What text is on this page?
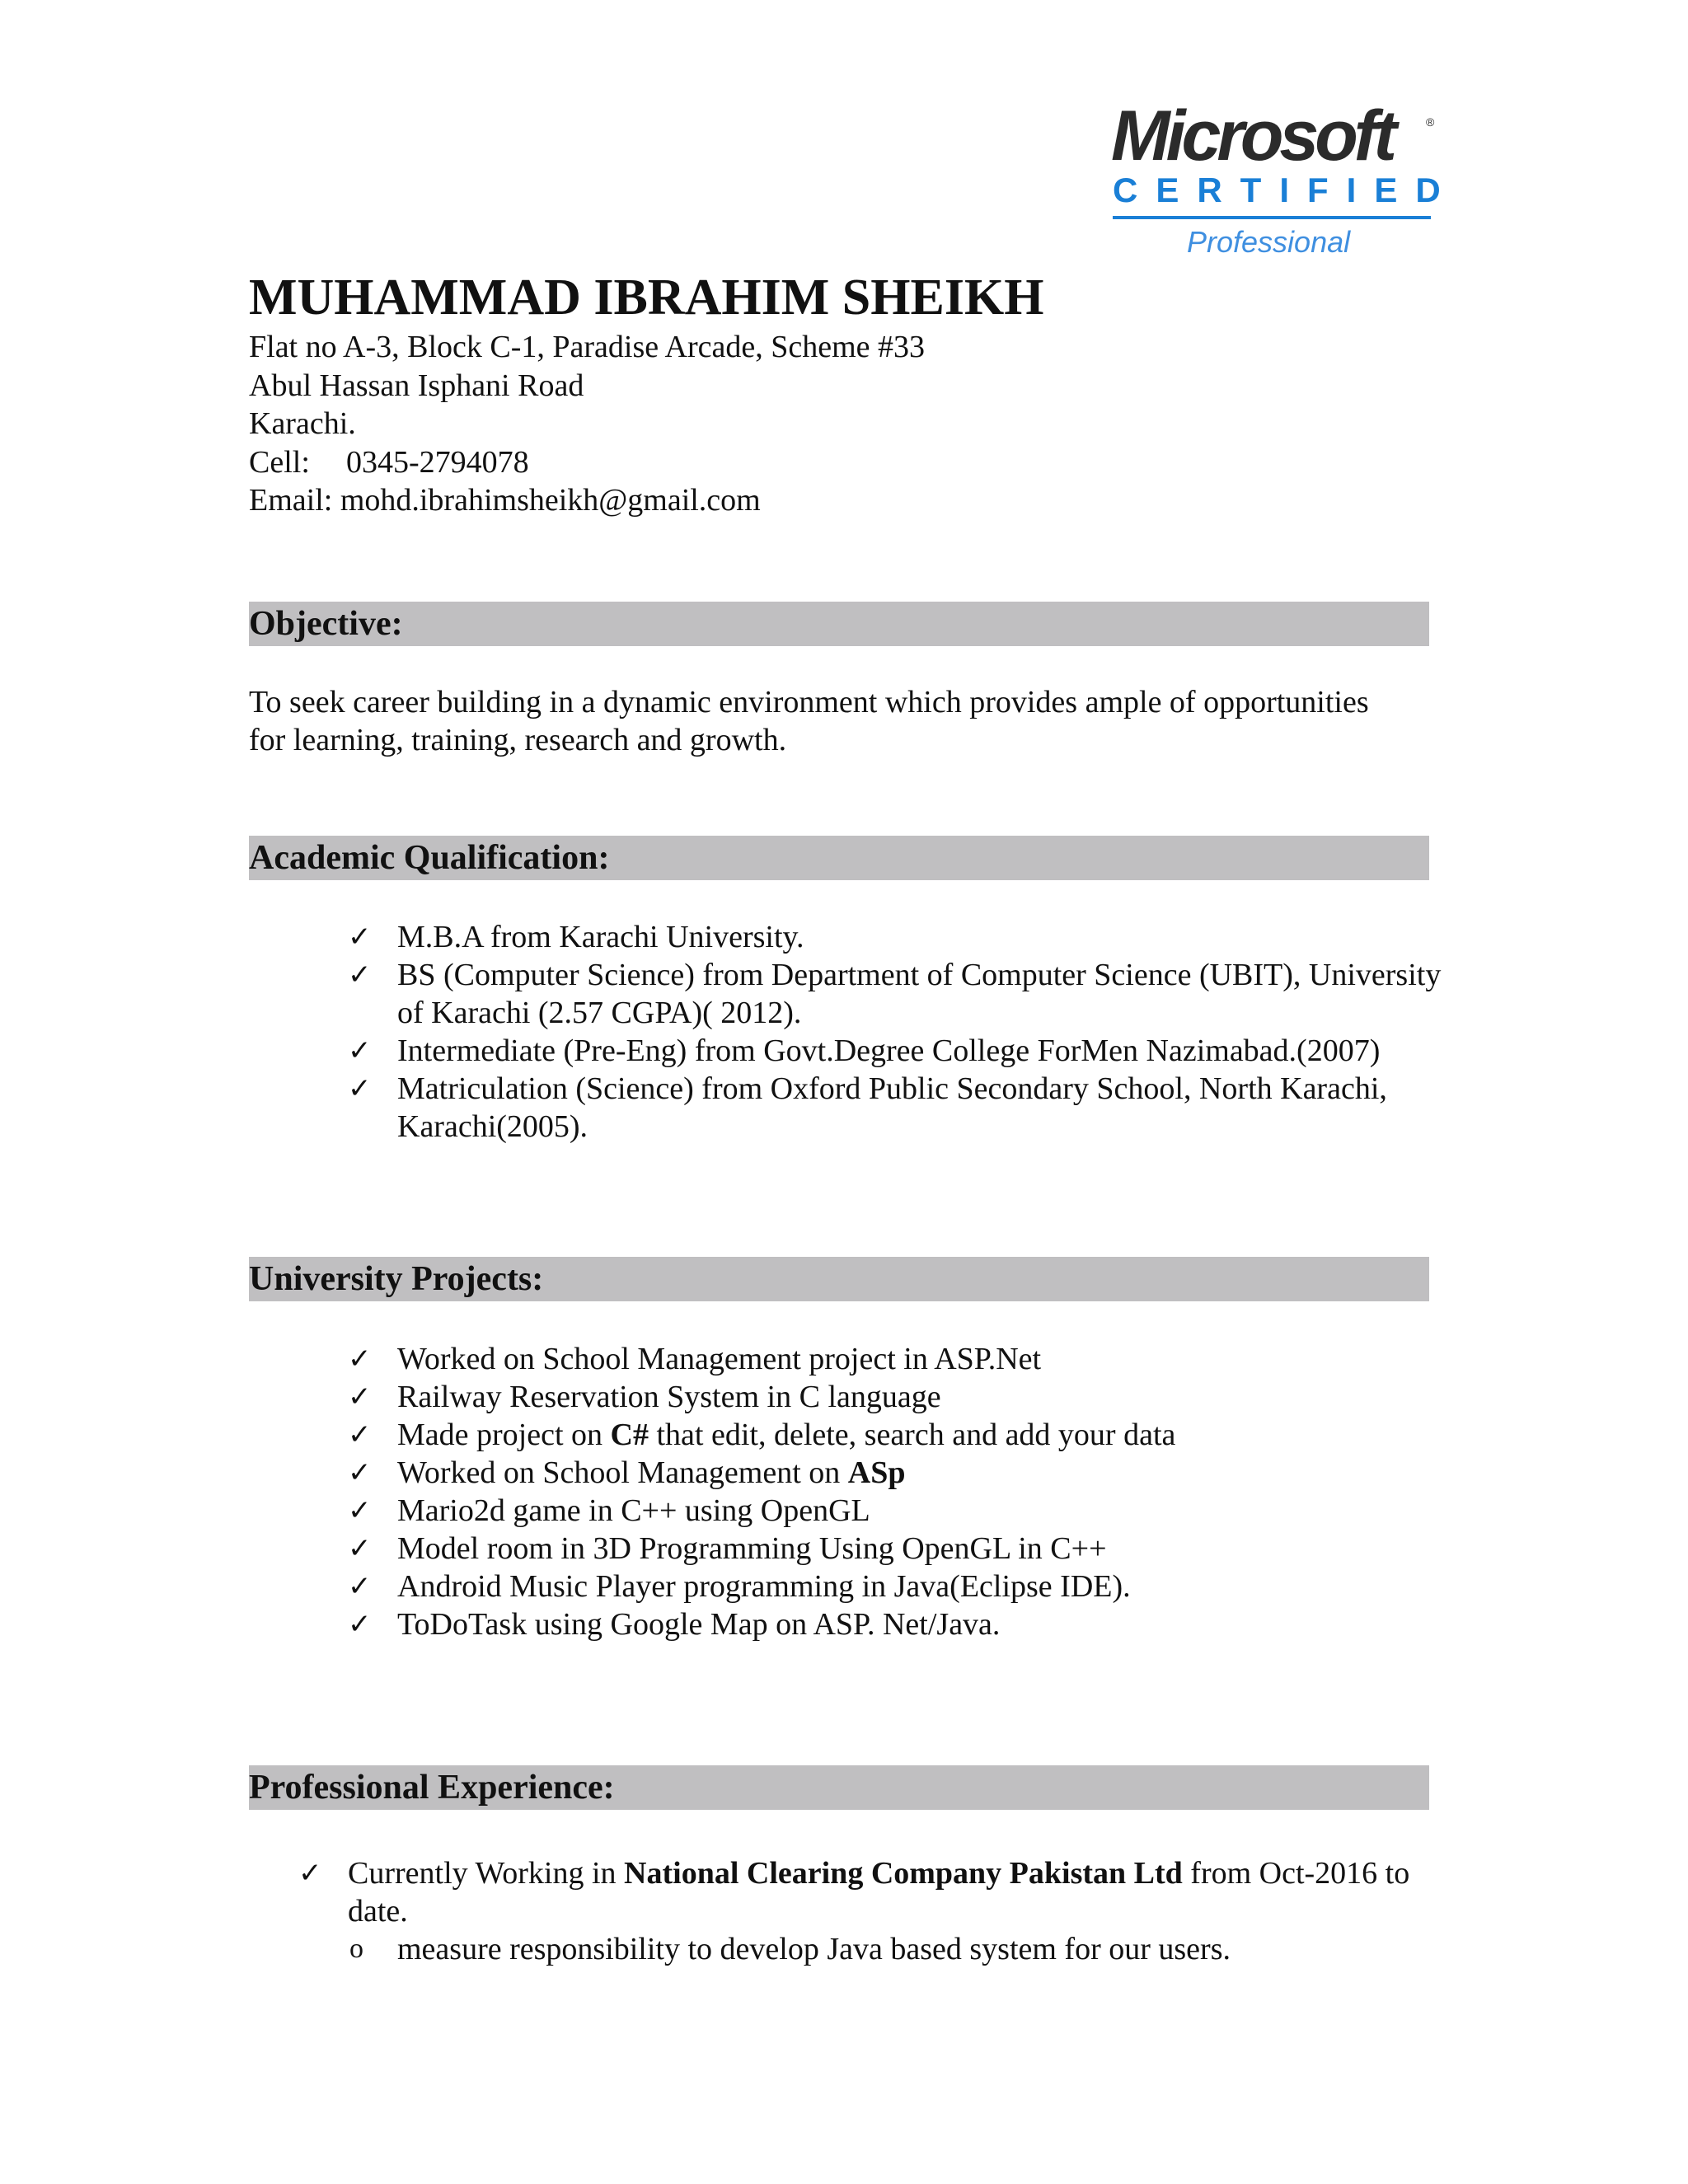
Microsoft	®
CERTIFIED
Professional
MUHAMMAD IBRAHIM SHEIKH
Flat no A-3, Block C-1, Paradise Arcade, Scheme #33
Abul Hassan Isphani Road
Karachi.
Cell: 0345-2794078
Email: mohd.ibrahimsheikh@gmail.com
Objective:
To seek career building in a dynamic environment which provides ample of opportunities
for learning, training, research and growth.
Academic Qualification:
✓ M.B.A from Karachi University.
✓ BS (Computer Science) from Department of Computer Science (UBIT), University of Karachi (2.57 CGPA)( 2012).
✓ Intermediate (Pre-Eng) from Govt.Degree College ForMen Nazimabad.(2007)
✓ Matriculation (Science) from Oxford Public Secondary School, North Karachi, Karachi(2005).
University Projects:
✓ Worked on School Management project in ASP.Net
✓ Railway Reservation System in C language
✓ Made project on C# that edit, delete, search and add your data
✓ Worked on School Management on ASp
✓ Mario2d game in C++ using OpenGL
✓ Model room in 3D Programming Using OpenGL in C++
✓ Android Music Player programming in Java(Eclipse IDE).
✓ ToDoTask using Google Map on ASP. Net/Java.
Professional Experience:
✓ Currently Working in National Clearing Company Pakistan Ltd from Oct-2016 to date.
o measure responsibility to develop Java based system for our users.
